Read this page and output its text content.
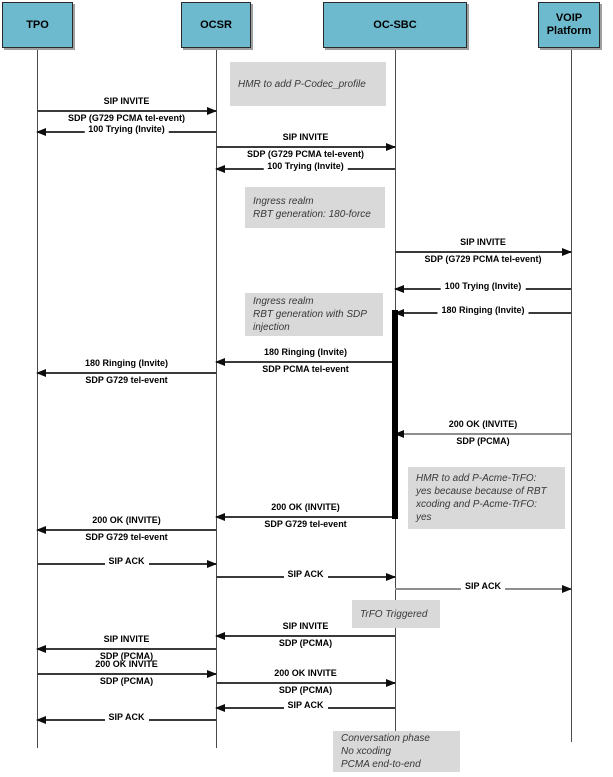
TPO	OCSR	OC-SBC
VOIP
Platform
SIP INVITE
SDP (G729 PCMA tel-event)
100 Trying (Invite)
SIP INVITE
SDP (G729 PCMA tel-event)
100 Trying (Invite)
SIP INVITE
SDP (G729 PCMA tel-event)
100 Trying (Invite)
180 Ringing (Invite)
180 Ringing (Invite)
SDP PCMA tel-event
180 Ringing (Invite)
SDP G729 tel-event
200 OK (INVITE)
SDP (PCMA)
200 OK (INVITE)
SDP G729 tel-event
200 OK (INVITE)
SDP G729 tel-event
SIP ACK
SIP ACK
SIP ACK
SIP INVITE
SDP (PCMA)
SIP INVITE
SDP (PCMA)
200 OK INVITE
SDP (PCMA)
200 OK INVITE
SDP (PCMA)
SIP ACK
SIP ACK
HMR to add P-Codec_profile
Ingress realm
RBT generation: 180-force
Ingress realm
RBT generation with SDP
injection
HMR to add P-Acme-TrFO:
yes because because of RBT
xcoding and P-Acme-TrFO:
yes
TrFO Triggered
Conversation phase
No xcoding
PCMA end-to-end
